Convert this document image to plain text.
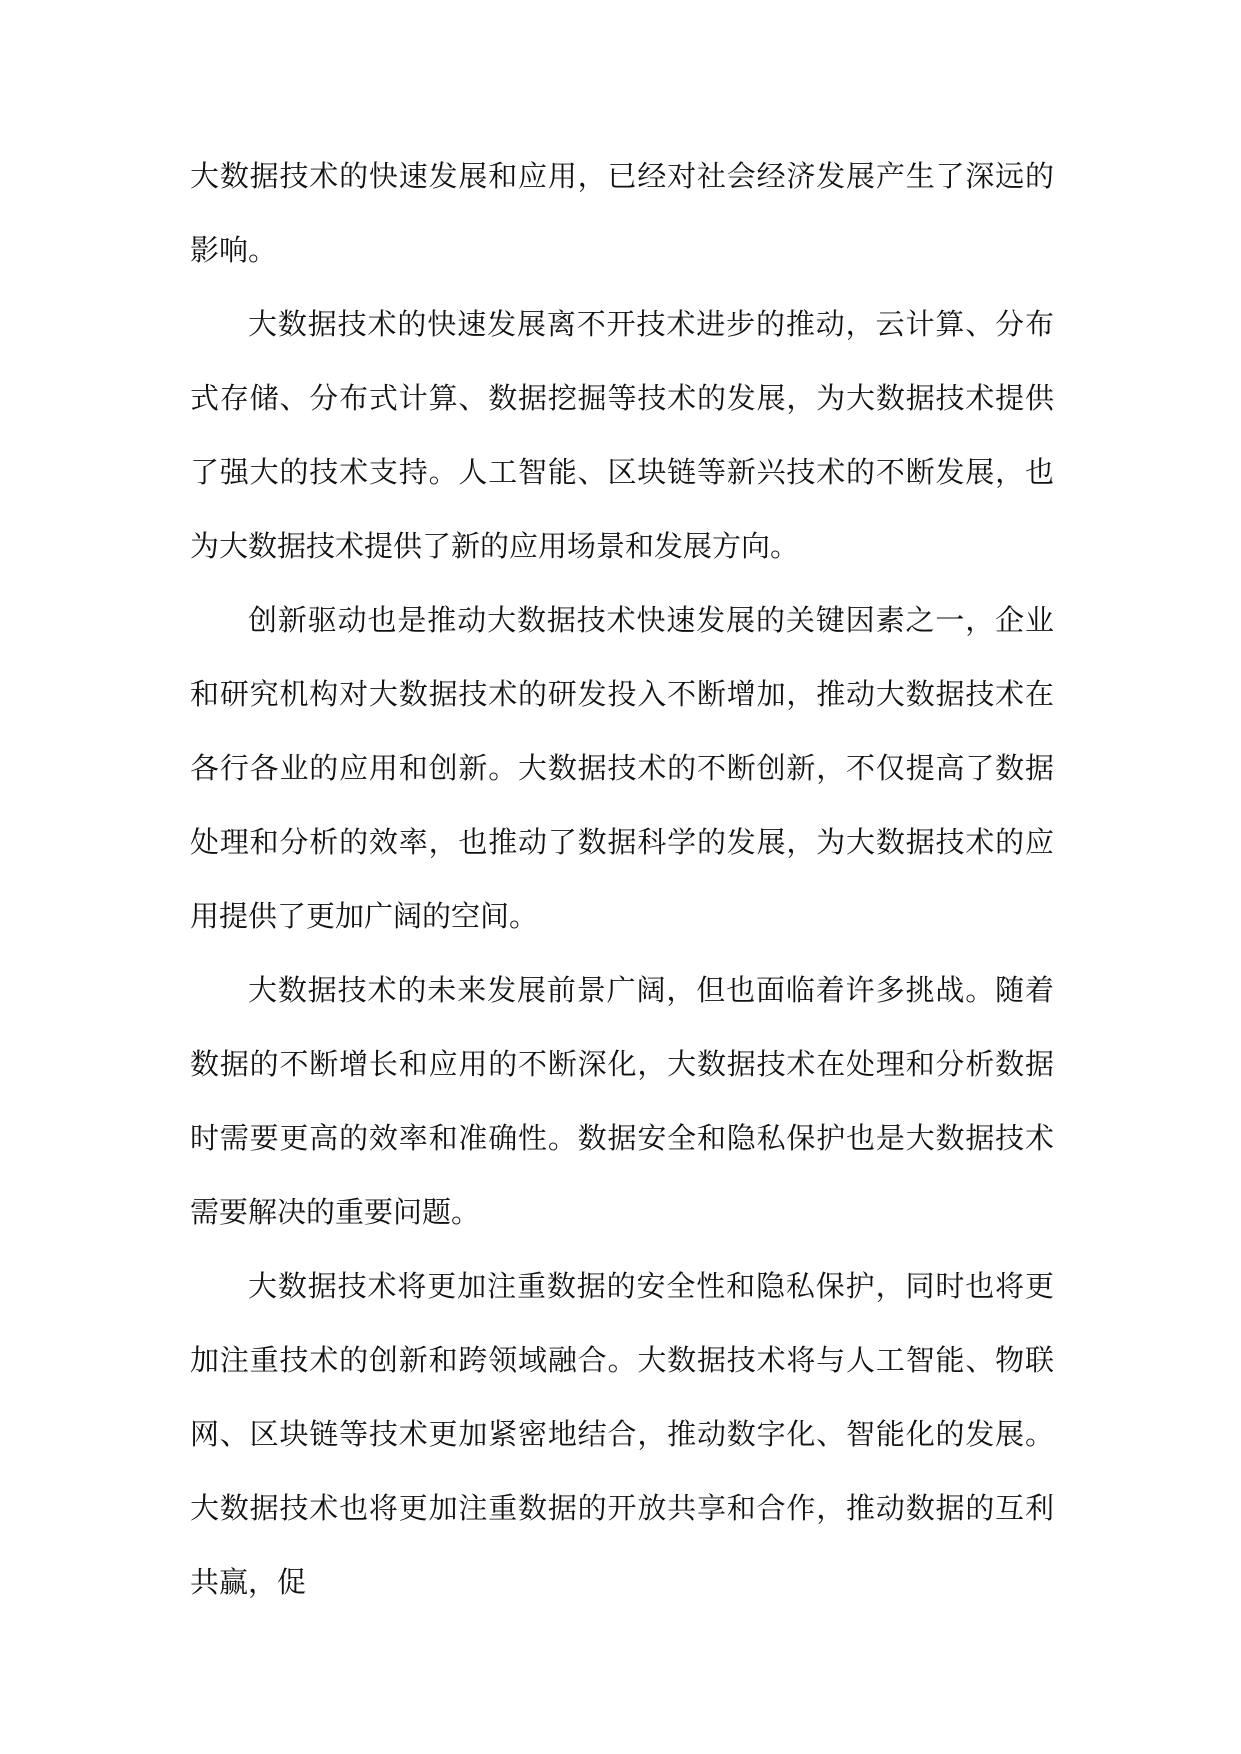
大数据技术的快速发展和应用，已经对社会经济发展产生了深远的影响。

大数据技术的快速发展离不开技术进步的推动，云计算、分布式存储、分布式计算、数据挖掘等技术的发展，为大数据技术提供了强大的技术支持。人工智能、区块链等新兴技术的不断发展，也为大数据技术提供了新的应用场景和发展方向。

创新驱动也是推动大数据技术快速发展的关键因素之一，企业和研究机构对大数据技术的研发投入不断增加，推动大数据技术在各行各业的应用和创新。大数据技术的不断创新，不仅提高了数据处理和分析的效率，也推动了数据科学的发展，为大数据技术的应用提供了更加广阔的空间。

大数据技术的未来发展前景广阔，但也面临着许多挑战。随着数据的不断增长和应用的不断深化，大数据技术在处理和分析数据时需要更高的效率和准确性。数据安全和隐私保护也是大数据技术需要解决的重要问题。

大数据技术将更加注重数据的安全性和隐私保护，同时也将更加注重技术的创新和跨领域融合。大数据技术将与人工智能、物联网、区块链等技术更加紧密地结合，推动数字化、智能化的发展。大数据技术也将更加注重数据的开放共享和合作，推动数据的互利共赢，促
